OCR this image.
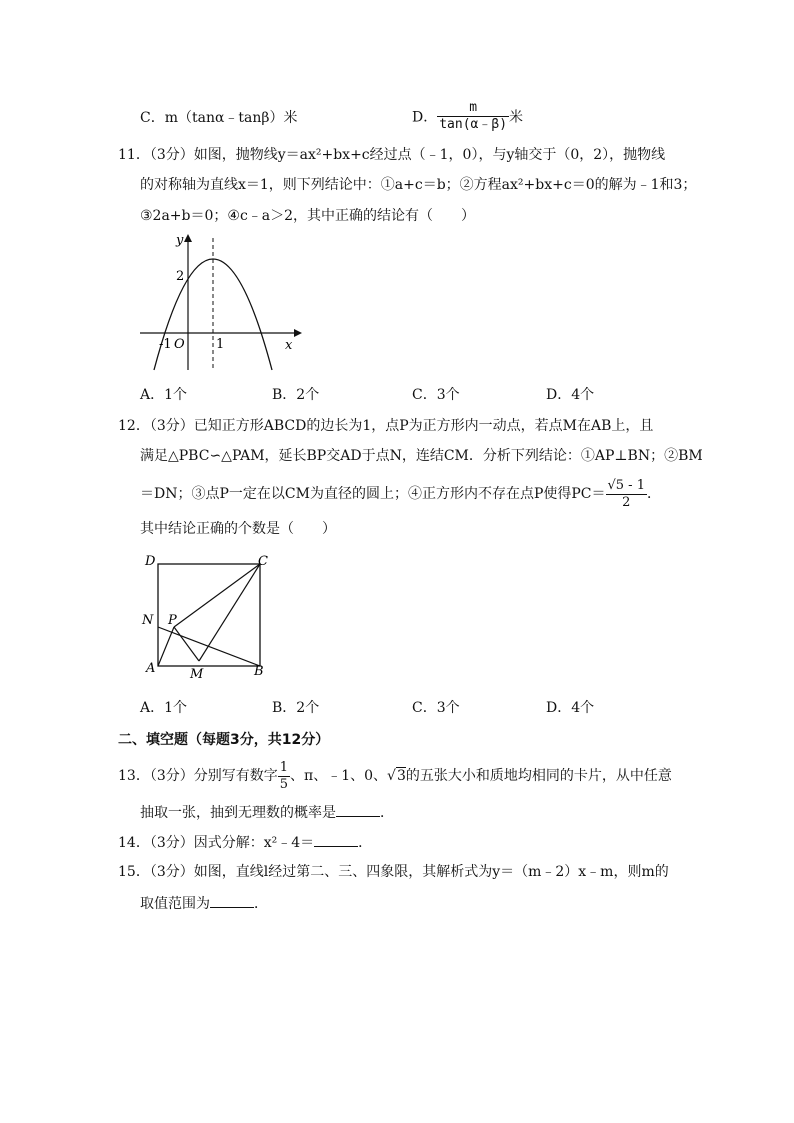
C．m（tanα﹣tanβ）米	D． $\frac{m}{\tan(\alpha﹣\beta)}$ 米
11．（3分）如图，抛物线y＝ax²+bx+c经过点（﹣1，0），与y轴交于（0，2），抛物线
的对称轴为直线x＝1，则下列结论中：①a+c＝b；②方程ax²+bx+c＝0的解为﹣1和3；
③2a+b＝0；④c﹣a＞2，其中正确的结论有（　　）
y
x
2
-1 O 1
A．1个	B．2个	C．3个	D．4个
12．（3分）已知正方形ABCD的边长为1，点P为正方形内一动点，若点M在AB上，且
满足△PBC∽△PAM，延长BP交AD于点N，连结CM．分析下列结论：①AP⊥BN；②BM
＝DN；③点P一定在以CM为直径的圆上；④正方形内不存在点P使得$PC= \frac{√5 - 1}{2}$ ．
其中结论正确的个数是（　　）
D	C
N P
A	M	B
A．1个	B．2个	C．3个	D．4个
二、填空题（每题3分，共12分）
13．（3分）分别写有数字 $\frac{1}{5}$ 、π、﹣1、0、√3的五张大小和质地均相同的卡片，从中任意
抽取一张，抽到无理数的概率是	．
14．（3分）因式分解：x²﹣4＝	．
15．（3分）如图，直线l经过第二、三、四象限，其解析式为y＝（m﹣2）x﹣m，则m的
取值范围为	．
